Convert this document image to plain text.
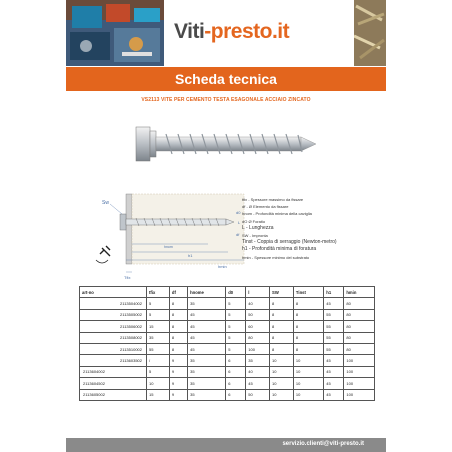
Viti-presto.it
Scheda tecnica
VS2113 VITE PER CEMENTO TESTA ESAGONALE ACCIAIO ZINCATO
Sw
Tfix
hmin
h1
hnom
d0
df
L
tfix - Spessore massimo da fissare
df - Ø Elemento da fissare
hnom - Profondità minima della caviglia
dO Ø Foratio
L - Lunghezza
SW - Impronta
Tinst - Coppia di serraggio (Newton-metro)
h1 - Profondità minima di foratura
hmin - Spessore minimo del substrato
art-no	tfix	df	hnome	d0	l	SW	Tinst	h1	hmin
2113504002	5	8	35	5	40	8	8	45	80
2113505002	5	8	45	5	50	8	8	55	80
2113506002	15	8	45	5	60	8	8	55	80
2113508002	35	8	45	5	80	8	8	55	80
2113510002	55	8	45	5	100	8	8	55	80
2113603502	/	9	35	6	35	10	10	45	100
2113604002	5	9	35	6	40	10	10	45	100
2113604502	10	9	35	6	45	10	10	45	100
2113605002	15	9	35	6	50	10	10	45	100
servizio.clienti@viti-presto.it
